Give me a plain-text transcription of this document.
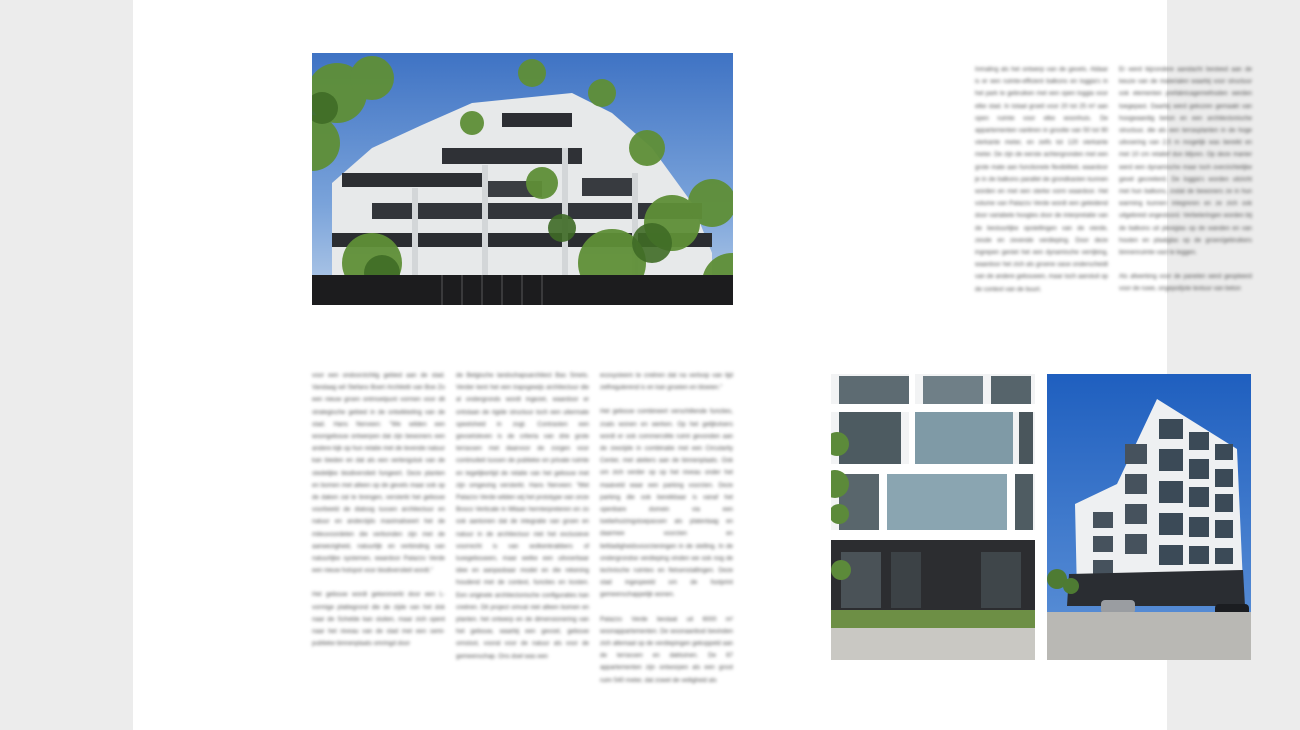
voor een ondoorzichtig gebied aan de stad. Vandaag wil Stefano Boeri Architetti van Boe Zo een nieuw groen ontmoetpunt vormen voor dit strategische gebied in de ontwikkeling van de stad. Hans Nerveen: "We wilden een woongebouw ontwerpen dat zijn bewoners een andere kijk op hun relatie met de levende natuur kan bieden en dat als een verlengstuk van de stedelijke biodiversiteit fungeert. Deze planten en bomen met alleen op de gevels maar ook op de daken zal te brengen, versterkt het gebouw voorbeeld de dialoog tussen architectuur en natuur en anderzijds maximaliseert het de mileuvoordelen die verbonden zijn met de aanwezigheid, natuurlijk en verbinding van natuurlijke systemen, waardoor Palazzo Verde een nieuw hotspot voor biodiversiteit wordt."

Het gebouw wordt gekenmerkt door een L-vormige plattegrond die de zijde van het dok naar de Schelde kan sluiten, maar zich opent naar het niveau van de stad met een semi-publieke binnenplaats omringd door

de Belgische landschapsarchitect Bas Smets. Verder kent het een trapsgewijs architectuur die al ondergronds wordt ingezet, waardoor er ontstaan de rigide structuur toch een uitermate speelsheid in zogt. Contrasten een gevoelsleven is de criteria van drie grote terrassen met daarvoor de zorgen voor continuiteit tussen de publieke en private ruimte en tegelijkertijd de relatie van het gebouw met zijn omgeving versterkt. Hans Nerveen: "Met Palazzo Verde wilden wij het prototype van onze Bosco Verticale in Milaan hernterpreteren en zo ook aantonen dat de integratie van groen en natuur in de architectuur niet het exclusieve voorrecht is van wolkenkrabbers of luxegebouwen, maar welke een uitvoerbaar idee en aanpasbaar model en die rekening houdend met de context, functies en kosten. Een originele architectonische configuraties kan creëren. Dit project omvat niet alleen bomen en planten. het ontwerp en de dimensionering van het gebouw, waarbij een gevoel, gebouw omsloot, vooral voor de natuur als voor de gemeenschap. Ons doel was een

ecosysteem te creëren dat na verloop van tijd zelfregulerend is en kan groeien en bloeien."

Het gebouw combineert verschillende functies, zoals wonen en werken. Op het gelijkvloers wordt er ook commerciële ruimt gevonden aan de zeezijde in combinatie met een Circularity Center, met ateliers aan de binnenplaats. Ook om zich verder op op het niveau onder het maaiveld waar een parking voorzien. Deze parking die ook bereikbaar is vanaf het openbare domein via een toebehuizingstoepassen als platenlaag en daarmee voorzien en liefdadigheidsvoorzieningen in de stelling. In de ondergrondse verdieping vinden we ook nog de technische ruimtes en fietsenstallingen. Deze stad ingespeeld om de footprint gemeenschappelijk wonen.

Palazzo Verde bestaat uit 6000 m² woonappartementen. De woonaanbod bevinden zich allemaal op de verdiepingen gekoppeld aan de terrassen en daktuinen. De 67 appartementen zijn ontworpen als een groot ruim 540 meter, dat zowel de veiligheid als

Inmaling als het ontwerp van de gevels. Aldaar is er een ruimte-efficient balkons en loggia's in het park te gebruiken met een open loggia voor elke stad. In totaal groeit voor 20 tot 25 m² aan open ruimte voor elke woonhuis. De appartementen variëren in grootte van 50 tot 90 vierkante meter, en zelfs tot 120 vierkante meter. De zijn de eerste achtergronden met een grote mate aan functionele flexibiliteit, waardoor je in de balkons parallel de grondkasten kunnen worden en met een sterke vorm waardoor. Het volume van Palazzo Verde wordt een geleidend door variabele hoogtes door de interpretatie van de bestuurlijke opstellingen van de vierde, zesde en zevende verdieping. Door deze ingrepen geniet het een dynamische verrijking, waardoor het zich als groene oase onderscheidt van de andere gebouwen, maar toch aansluit op de context van de buurt.

Er werd bijzondere aandacht besteed aan de keuze van de materialen waarbij voor structuur ook elementen prefabricagemethoden werden toegepast. Daarbij werd gekozen gemaakt van hoogwaardig beton en een architectonische structuur, die als een terrasplanten in de hoge uitvoering van 2,5 m mogelijk was bereikt en met 10 cm relatief dun blijven. Op deze manier werd een dynamische maar toch overzichtelijke gevel gecreëerd. De loggia's worden uitzicht met hun balkons, zodat de bewoners ze in hun warming kunnen integreren en ze zich ook uitgebreid ongestoord. Verbeteringen worden bij de balkons uit plexiglas op de wanden en van houten en plaatglas op de groen/gebruikers binnenruimte vast te leggen.

Als afwerking voor de panelen werd geopteerd voor de ruwe, ongepolijste textuur van beton
